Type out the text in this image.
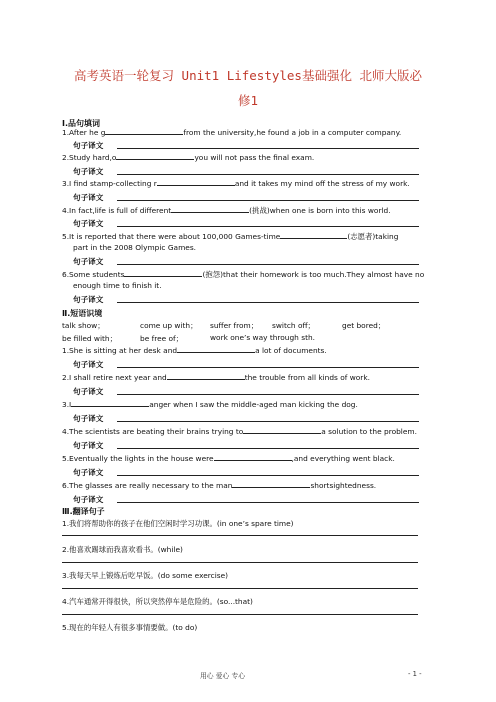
高考英语一轮复习 Unit1 Lifestyles基础强化 北师大版必
修1
Ⅰ.品句填词
1.After he g	from the university,he found a job in a computer company.
句子译文
2.Study hard,o	you will not pass the final exam.
句子译文
3.I find stamp-collecting r	and it takes my mind off the stress of my work.
句子译文
4.In fact,life is full of different	(挑战)when one is born into this world.
句子译文
5.It is reported that there were about 100,000 Games-time	(志愿者)taking
part in the 2008 Olympic Games.
句子译文
6.Some students	(抱怨)that their homework is too much.They almost have no
enough time to finish it.
句子译文
Ⅱ.短语识境
talk show；	come up with； suffer from； switch off；	get bored；
be filled with；	be free of；	work one’s way through sth.
1.She is sitting at her desk and	a lot of documents.
句子译文
2.I shall retire next year and	the trouble from all kinds of work.
句子译文
3.I	anger when I saw the middle-aged man kicking the dog.
句子译文
4.The scientists are beating their brains trying to	a solution to the problem.
句子译文
5.Eventually the lights in the house were	,and everything went black.
句子译文
6.The glasses are really necessary to the man	shortsightedness.
句子译文
Ⅲ.翻译句子
1.我们将帮助你的孩子在他们空闲时学习功课。(in one’s spare time)
2.他喜欢踢球而我喜欢看书。(while)
3.我每天早上锻炼后吃早饭。(do some exercise)
4.汽车通常开得很快，所以突然停车是危险的。(so...that)
5.现在的年轻人有很多事情要做。(to do)
用心 爱心 专心	- 1 -
